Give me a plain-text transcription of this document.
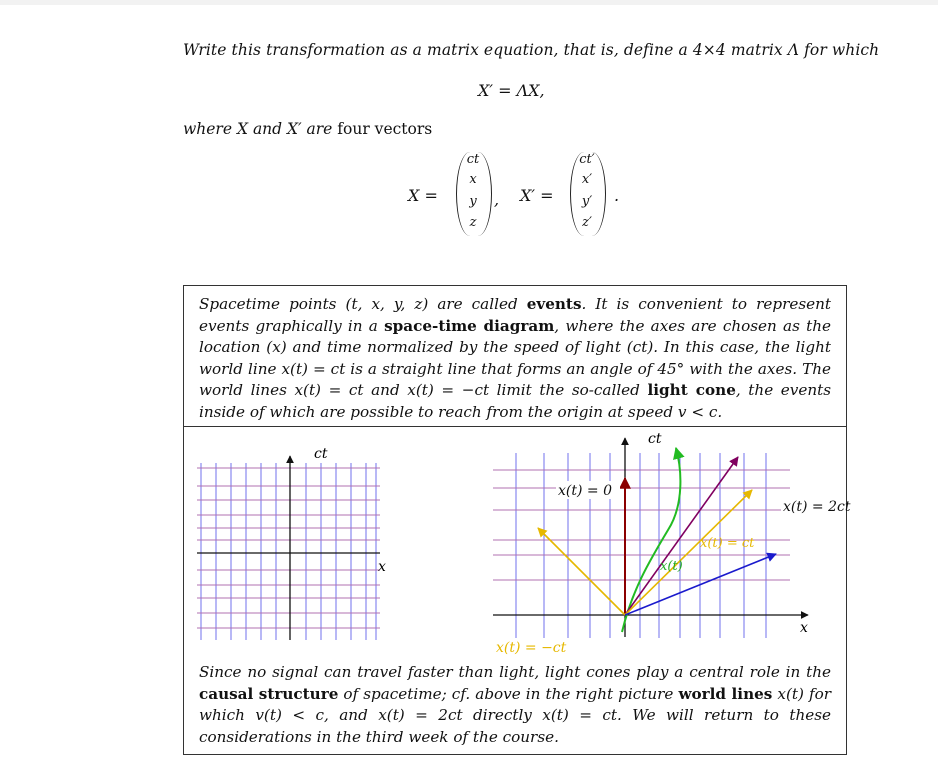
Write this transformation as a matrix equation, that is, define a 4×4 matrix Λ for which
X′ = ΛX,
where X and X′ are four vectors
X =
ct
x
y
z
, X′ =
ct′
x′
y′
z′
.
Spacetime points (t, x, y, z) are called events. It is convenient to represent events graphically in a space-time diagram, where the axes are chosen as the location (x) and time normalized by the speed of light (ct). In this case, the light world line x(t) = ct is a straight line that forms an angle of 45° with the axes. The world lines x(t) = ct and x(t) = −ct limit the so-called light cone, the events inside of which are possible to reach from the origin at speed v < c.
Since no signal can travel faster than light, light cones play a central role in the causal structure of spacetime; cf. above in the right picture world lines x(t) for which v(t) < c, and x(t) = 2ct directly x(t) = ct. We will return to these considerations in the third week of the course.
ct
x
ct
x
x(t) = 0
x(t) = 2ct
x(t) = ct
x(t)
x(t) = −ct
